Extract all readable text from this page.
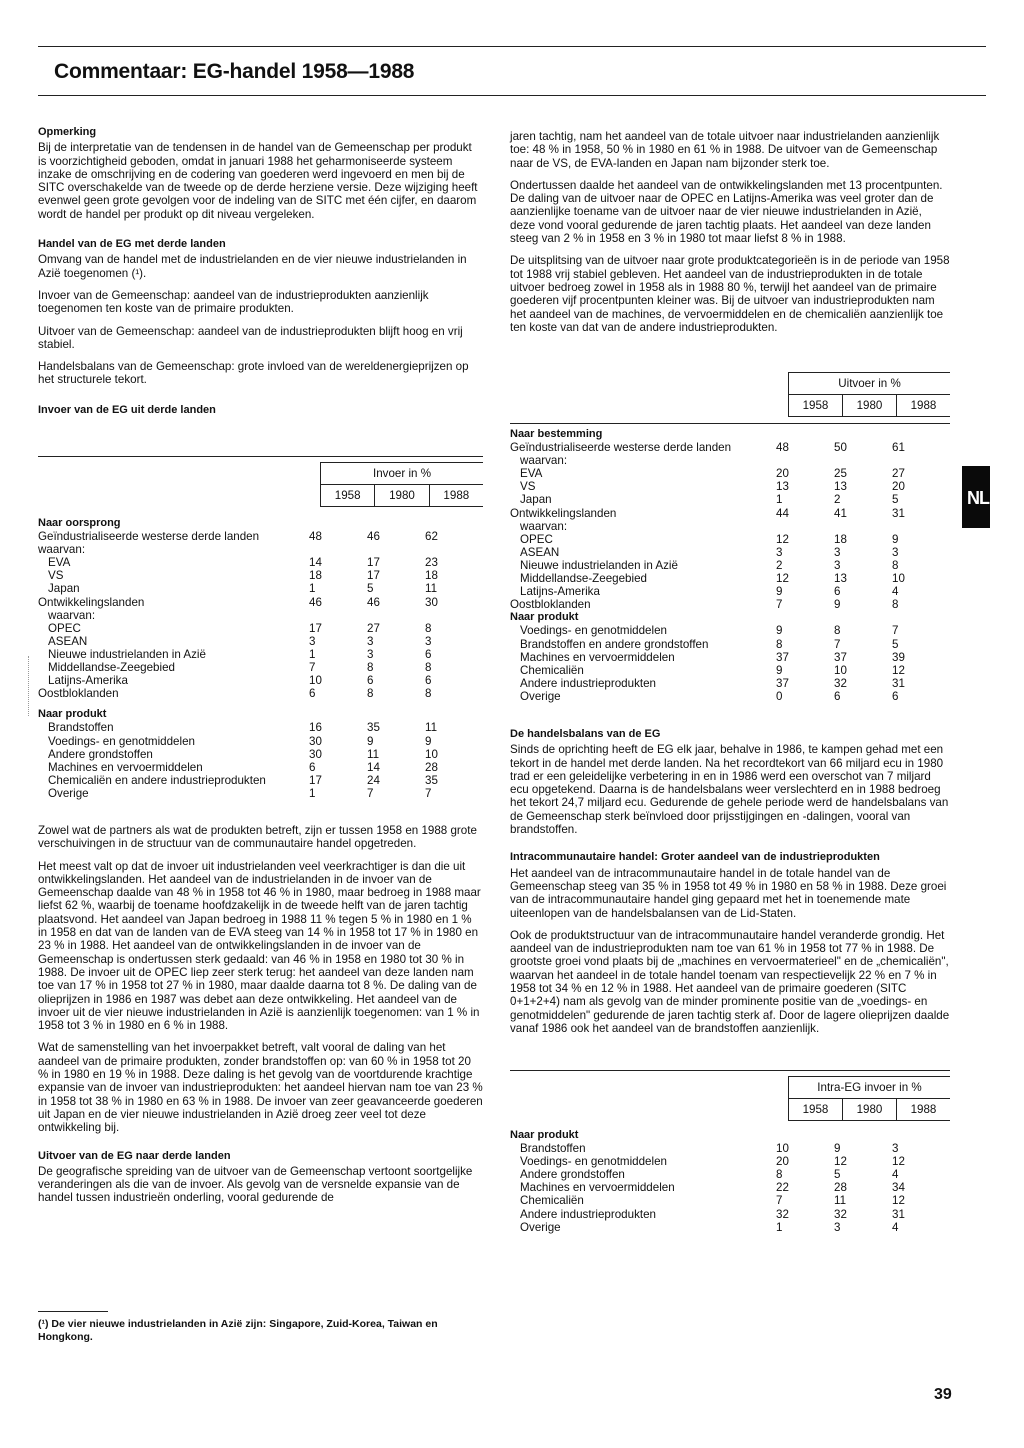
Commentaar: EG-handel 1958—1988
Opmerking

Bij de interpretatie van de tendensen in de handel van de Gemeenschap per produkt is voorzichtigheid geboden, omdat in januari 1988 het geharmoniseerde systeem inzake de omschrijving en de codering van goederen werd ingevoerd en men bij de SITC overschakelde van de tweede op de derde herziene versie. Deze wijziging heeft evenwel geen grote gevolgen voor de indeling van de SITC met één cijfer, en daarom wordt de handel per produkt op dit niveau vergeleken.

Handel van de EG met derde landen

Omvang van de handel met de industrielanden en de vier nieuwe industrielanden in Azië toegenomen (¹).

Invoer van de Gemeenschap: aandeel van de industrieprodukten aanzienlijk toegenomen ten koste van de primaire produkten.

Uitvoer van de Gemeenschap: aandeel van de industrieprodukten blijft hoog en vrij stabiel.

Handelsbalans van de Gemeenschap: grote invloed van de wereldenergieprijzen op het structurele tekort.

Invoer van de EG uit derde landen
Invoer in %
1958	1980	1988
Naar oorsprong			
Geïndustrialiseerde westerse derde landen	48	46	62
waarvan:			
EVA	14	17	23
VS	18	17	18
Japan	1	5	11
Ontwikkelingslanden	46	46	30
waarvan:			
OPEC	17	27	8
ASEAN	3	3	3
Nieuwe industrielanden in Azië	1	3	6
Middellandse-Zeegebied	7	8	8
Latijns-Amerika	10	6	6
Oostbloklanden	6	8	8

Naar produkt			
Brandstoffen	16	35	11
Voedings- en genotmiddelen	30	9	9
Andere grondstoffen	30	11	10
Machines en vervoermiddelen	6	14	28
Chemicaliën en andere industrieprodukten	17	24	35
Overige	1	7	7

Zowel wat de partners als wat de produkten betreft, zijn er tussen 1958 en 1988 grote verschuivingen in de structuur van de communautaire handel opgetreden.

Het meest valt op dat de invoer uit industrielanden veel veerkrachtiger is dan die uit ontwikkelingslanden. Het aandeel van de industrielanden in de invoer van de Gemeenschap daalde van 48 % in 1958 tot 46 % in 1980, maar bedroeg in 1988 maar liefst 62 %, waarbij de toename hoofdzakelijk in de tweede helft van de jaren tachtig plaatsvond. Het aandeel van Japan bedroeg in 1988 11 % tegen 5 % in 1980 en 1 % in 1958 en dat van de landen van de EVA steeg van 14 % in 1958 tot 17 % in 1980 en 23 % in 1988. Het aandeel van de ontwikkelingslanden in de invoer van de Gemeenschap is ondertussen sterk gedaald: van 46 % in 1958 en 1980 tot 30 % in 1988. De invoer uit de OPEC liep zeer sterk terug: het aandeel van deze landen nam toe van 17 % in 1958 tot 27 % in 1980, maar daalde daarna tot 8 %. De daling van de olieprijzen in 1986 en 1987 was debet aan deze ontwikkeling. Het aandeel van de invoer uit de vier nieuwe industrielanden in Azië is aanzienlijk toegenomen: van 1 % in 1958 tot 3 % in 1980 en 6 % in 1988.

Wat de samenstelling van het invoerpakket betreft, valt vooral de daling van het aandeel van de primaire produkten, zonder brandstoffen op: van 60 % in 1958 tot 20 % in 1980 en 19 % in 1988. Deze daling is het gevolg van de voortdurende krachtige expansie van de invoer van industrieprodukten: het aandeel hiervan nam toe van 23 % in 1958 tot 38 % in 1980 en 63 % in 1988. De invoer van zeer geavanceerde goederen uit Japan en de vier nieuwe industrielanden in Azië droeg zeer veel tot deze ontwikkeling bij.

Uitvoer van de EG naar derde landen

De geografische spreiding van de uitvoer van de Gemeenschap vertoont soortgelijke veranderingen als die van de invoer. Als gevolg van de versnelde expansie van de handel tussen industrieën onderling, vooral gedurende de

jaren tachtig, nam het aandeel van de totale uitvoer naar industrielanden aanzienlijk toe: 48 % in 1958, 50 % in 1980 en 61 % in 1988. De uitvoer van de Gemeenschap naar de VS, de EVA-landen en Japan nam bijzonder sterk toe.

Ondertussen daalde het aandeel van de ontwikkelingslanden met 13 procentpunten. De daling van de uitvoer naar de OPEC en Latijns-Amerika was veel groter dan de aanzienlijke toename van de uitvoer naar de vier nieuwe industrielanden in Azië, deze vond vooral gedurende de jaren tachtig plaats. Het aandeel van deze landen steeg van 2 % in 1958 en 3 % in 1980 tot maar liefst 8 % in 1988.

De uitsplitsing van de uitvoer naar grote produktcategorieën is in de periode van 1958 tot 1988 vrij stabiel gebleven. Het aandeel van de industrieprodukten in de totale uitvoer bedroeg zowel in 1958 als in 1988 80 %, terwijl het aandeel van de primaire goederen vijf procentpunten kleiner was. Bij de uitvoer van industrieprodukten nam het aandeel van de machines, de vervoermiddelen en de chemicaliën aanzienlijk toe ten koste van dat van de andere industrieprodukten.

Uitvoer in %
1958	1980	1988
Naar bestemming			
Geïndustrialiseerde westerse derde landen	48	50	61
waarvan:			
EVA	20	25	27
VS	13	13	20
Japan	1	2	5
Ontwikkelingslanden	44	41	31
waarvan:			
OPEC	12	18	9
ASEAN	3	3	3
Nieuwe industrielanden in Azië	2	3	8
Middellandse-Zeegebied	12	13	10
Latijns-Amerika	9	6	4
Oostbloklanden	7	9	8
Naar produkt			
Voedings- en genotmiddelen	9	8	7
Brandstoffen en andere grondstoffen	8	7	5
Machines en vervoermiddelen	37	37	39
Chemicaliën	9	10	12
Andere industrieprodukten	37	32	31
Overige	0	6	6
De handelsbalans van de EG

Sinds de oprichting heeft de EG elk jaar, behalve in 1986, te kampen gehad met een tekort in de handel met derde landen. Na het recordtekort van 66 miljard ecu in 1980 trad er een geleidelijke verbetering in en in 1986 werd een overschot van 7 miljard ecu opgetekend. Daarna is de handelsbalans weer verslechterd en in 1988 bedroeg het tekort 24,7 miljard ecu. Gedurende de gehele periode werd de handelsbalans van de Gemeenschap sterk beïnvloed door prijsstijgingen en -dalingen, vooral van brandstoffen.

Intracommunautaire handel: Groter aandeel van de industrieprodukten

Het aandeel van de intracommunautaire handel in de totale handel van de Gemeenschap steeg van 35 % in 1958 tot 49 % in 1980 en 58 % in 1988. Deze groei van de intracommunautaire handel ging gepaard met het in toenemende mate uiteenlopen van de handelsbalansen van de Lid-Staten.

Ook de produktstructuur van de intracommunautaire handel veranderde grondig. Het aandeel van de industrieprodukten nam toe van 61 % in 1958 tot 77 % in 1988. De grootste groei vond plaats bij de „machines en vervoermaterieel" en de „chemicaliën", waarvan het aandeel in de totale handel toenam van respectievelijk 22 % en 7 % in 1958 tot 34 % en 12 % in 1988. Het aandeel van de primaire goederen (SITC 0+1+2+4) nam als gevolg van de minder prominente positie van de „voedings- en genotmiddelen" gedurende de jaren tachtig sterk af. Door de lagere olieprijzen daalde vanaf 1986 ook het aandeel van de brandstoffen aanzienlijk.

Intra-EG invoer in %
1958	1980	1988
Naar produkt			
Brandstoffen	10	9	3
Voedings- en genotmiddelen	20	12	12
Andere grondstoffen	8	5	4
Machines en vervoermiddelen	22	28	34
Chemicaliën	7	11	12
Andere industrieprodukten	32	32	31
Overige	1	3	4
NL
(¹) De vier nieuwe industrielanden in Azië zijn: Singapore, Zuid-Korea, Taiwan en Hongkong.
39
